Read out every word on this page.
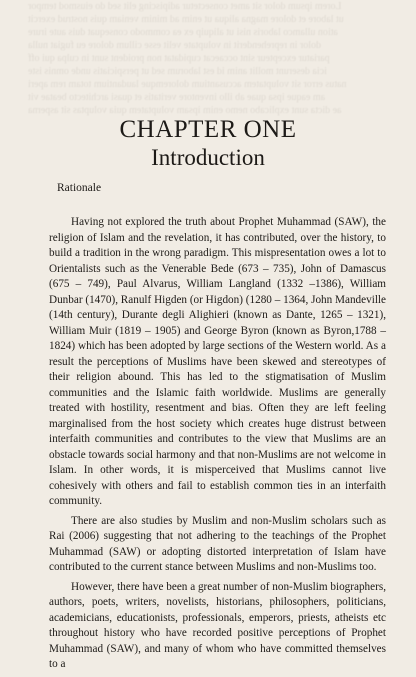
Lorem ipsum dolor sit amet consectetur adipiscing elit sed do eiusmod tempor
ut labore et dolore magna aliqua ut enim ad minim veniam quis nostrud exercit
ation ullamco laboris nisi ut aliquip ex ea commodo consequat duis aute irure
dolor in reprehenderit in voluptate velit esse cillum dolore eu fugiat nulla
pariatur excepteur sint occaecat cupidatat non proident sunt in culpa qui off
icia deserunt mollit anim id est laborum sed ut perspiciatis unde omnis iste
natus error sit voluptatem accusantium doloremque laudantium totam rem aperi
am eaque ipsa quae ab illo inventore veritatis et quasi architecto beatae vit
ae dicta sunt explicabo nemo enim ipsam voluptatem quia voluptas sit asperna
CHAPTER ONE
Introduction
Rationale

Having not explored the truth about Prophet Muhammad (SAW), the religion of Islam and the revelation, it has contributed, over the history, to build a tradition in the wrong paradigm. This mispresentation owes a lot to Orientalists such as the Venerable Bede (673 – 735), John of Damascus (675 – 749), Paul Alvarus, William Langland (1332 –1386), William Dunbar (1470), Ranulf Higden (or Higdon) (1280 – 1364, John Mandeville (14th century), Durante degli Alighieri (known as Dante, 1265 – 1321), William Muir (1819 – 1905) and George Byron (known as Byron,1788 – 1824) which has been adopted by large sections of the Western world. As a result the perceptions of Muslims have been skewed and stereotypes of their religion abound. This has led to the stigmatisation of Muslim communities and the Islamic faith worldwide. Muslims are generally treated with hostility, resentment and bias. Often they are left feeling marginalised from the host society which creates huge distrust between interfaith communities and contributes to the view that Muslims are an obstacle towards social harmony and that non-Muslims are not welcome in Islam. In other words, it is misperceived that Muslims cannot live cohesively with others and fail to establish common ties in an interfaith community.

There are also studies by Muslim and non-Muslim scholars such as Rai (2006) suggesting that not adhering to the teachings of the Prophet Muhammad (SAW) or adopting distorted interpretation of Islam have contributed to the current stance between Muslims and non-Muslims too.

However, there have been a great number of non-Muslim biographers, authors, poets, writers, novelists, historians, philosophers, politicians, academicians, educationists, professionals, emperors, priests, atheists etc throughout history who have recorded positive perceptions of Prophet Muhammad (SAW), and many of whom who have committed themselves to a
